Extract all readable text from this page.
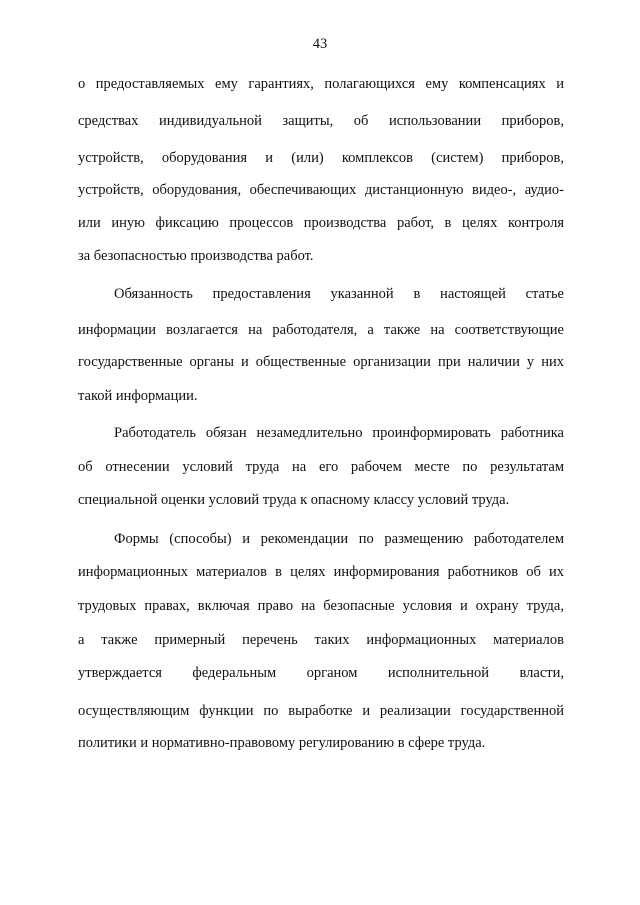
43
о предоставляемых ему гарантиях, полагающихся ему компенсациях и
средствах индивидуальной защиты, об использовании приборов,
устройств, оборудования и (или) комплексов (систем) приборов,
устройств, оборудования, обеспечивающих дистанционную видео-, аудио-
или иную фиксацию процессов производства работ, в целях контроля
за безопасностью производства работ.
Обязанность предоставления указанной в настоящей статье
информации возлагается на работодателя, а также на соответствующие
государственные органы и общественные организации при наличии у них
такой информации.
Работодатель обязан незамедлительно проинформировать работника
об отнесении условий труда на его рабочем месте по результатам
специальной оценки условий труда к опасному классу условий труда.
Формы (способы) и рекомендации по размещению работодателем
информационных материалов в целях информирования работников об их
трудовых правах, включая право на безопасные условия и охрану труда,
а также примерный перечень таких информационных материалов
утверждается федеральным органом исполнительной власти,
осуществляющим функции по выработке и реализации государственной
политики и нормативно-правовому регулированию в сфере труда.
